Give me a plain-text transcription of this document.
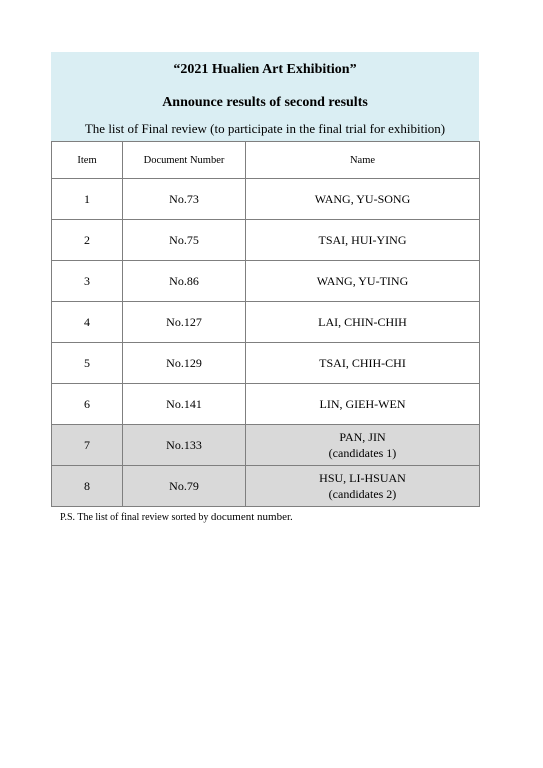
“2021 Hualien Art Exhibition”
Announce results of second results
The list of Final review (to participate in the final trial for exhibition)
Item	Document Number	Name
1	No.73	WANG, YU-SONG
2	No.75	TSAI, HUI-YING
3	No.86	WANG, YU-TING
4	No.127	LAI, CHIN-CHIH
5	No.129	TSAI, CHIH-CHI
6	No.141	LIN, GIEH-WEN
7	No.133	PAN, JIN
(candidates 1)

8	No.79	HSU, LI-HSUAN
(candidates 2)
P.S. The list of final review sorted by document number.
